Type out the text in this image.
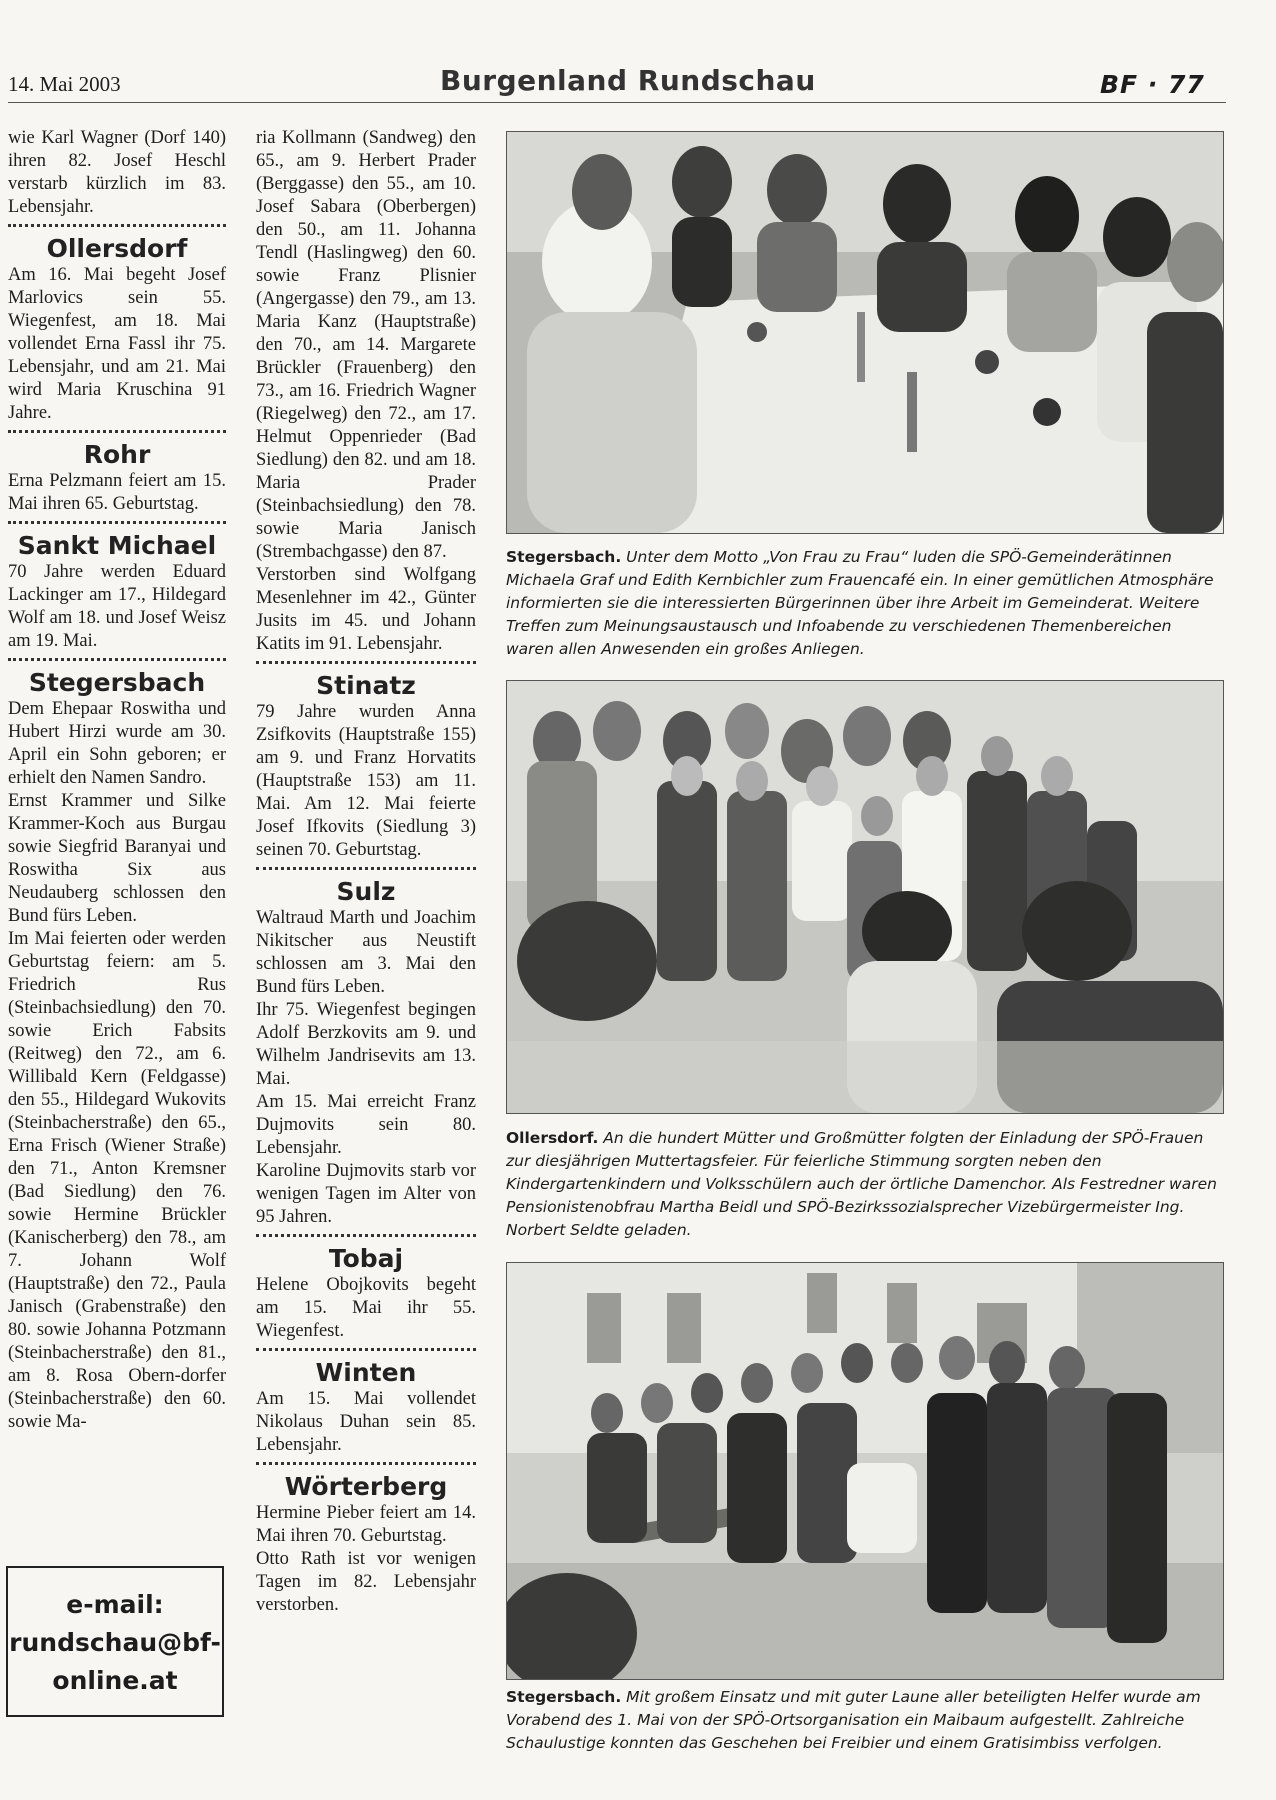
14. Mai 2003	Burgenland Rundschau	BF · 77

wie Karl Wagner (Dorf 140) ihren 82. Josef Heschl verstarb kürzlich im 83. Lebensjahr.

Ollersdorf

Am 16. Mai begeht Josef Marlovics sein 55. Wiegenfest, am 18. Mai vollendet Erna Fassl ihr 75. Lebensjahr, und am 21. Mai wird Maria Kruschina 91 Jahre.

Rohr

Erna Pelzmann feiert am 15. Mai ihren 65. Geburtstag.

Sankt Michael

70 Jahre werden Eduard Lackinger am 17., Hildegard Wolf am 18. und Josef Weisz am 19. Mai.

Stegersbach

Dem Ehepaar Roswitha und Hubert Hirzi wurde am 30. April ein Sohn geboren; er erhielt den Namen Sandro.

Ernst Krammer und Silke Krammer-Koch aus Burgau sowie Siegfrid Baranyai und Roswitha Six aus Neudauberg schlossen den Bund fürs Leben.

Im Mai feierten oder werden Geburtstag feiern: am 5. Friedrich Rus (Steinbachsiedlung) den 70. sowie Erich Fabsits (Reitweg) den 72., am 6. Willibald Kern (Feldgasse) den 55., Hildegard Wukovits (Steinbacherstraße) den 65., Erna Frisch (Wiener Straße) den 71., Anton Kremsner (Bad Siedlung) den 76. sowie Hermine Brückler (Kanischerberg) den 78., am 7. Johann Wolf (Hauptstraße) den 72., Paula Janisch (Grabenstraße) den 80. sowie Johanna Potzmann (Steinbacherstraße) den 81., am 8. Rosa Obern-dorfer (Steinbacherstraße) den 60. sowie Ma-

e-mail:
rundschau@bf-
online.at

ria Kollmann (Sandweg) den 65., am 9. Herbert Prader (Berggasse) den 55., am 10. Josef Sabara (Oberbergen) den 50., am 11. Johanna Tendl (Haslingweg) den 60. sowie Franz Plisnier (Angergasse) den 79., am 13. Maria Kanz (Hauptstraße) den 70., am 14. Margarete Brückler (Frauenberg) den 73., am 16. Friedrich Wagner (Riegelweg) den 72., am 17. Helmut Oppenrieder (Bad Siedlung) den 82. und am 18. Maria Prader (Steinbachsiedlung) den 78. sowie Maria Janisch (Strembachgasse) den 87.

Verstorben sind Wolfgang Mesenlehner im 42., Günter Jusits im 45. und Johann Katits im 91. Lebensjahr.

Stinatz

79 Jahre wurden Anna Zsifkovits (Hauptstraße 155) am 9. und Franz Horvatits (Hauptstraße 153) am 11. Mai. Am 12. Mai feierte Josef Ifkovits (Siedlung 3) seinen 70. Geburtstag.

Sulz

Waltraud Marth und Joachim Nikitscher aus Neustift schlossen am 3. Mai den Bund fürs Leben.

Ihr 75. Wiegenfest begingen Adolf Berzkovits am 9. und Wilhelm Jandrisevits am 13. Mai.

Am 15. Mai erreicht Franz Dujmovits sein 80. Lebensjahr.

Karoline Dujmovits starb vor wenigen Tagen im Alter von 95 Jahren.

Tobaj

Helene Obojkovits begeht am 15. Mai ihr 55. Wiegenfest.

Winten

Am 15. Mai vollendet Nikolaus Duhan sein 85. Lebensjahr.

Wörterberg

Hermine Pieber feiert am 14. Mai ihren 70. Geburtstag.

Otto Rath ist vor wenigen Tagen im 82. Lebensjahr verstorben.

Stegersbach. Unter dem Motto „Von Frau zu Frau“ luden die SPÖ-Gemeinderätinnen Michaela Graf und Edith Kernbichler zum Frauencafé ein. In einer gemütlichen Atmosphäre informierten sie die interessierten Bürgerinnen über ihre Arbeit im Gemeinderat. Weitere Treffen zum Meinungsaustausch und Infoabende zu verschiedenen Themenbereichen waren allen Anwesenden ein großes Anliegen.
Ollersdorf. An die hundert Mütter und Großmütter folgten der Einladung der SPÖ-Frauen zur diesjährigen Muttertagsfeier. Für feierliche Stimmung sorgten neben den Kindergartenkindern und Volksschülern auch der örtliche Damenchor. Als Festredner waren Pensionistenobfrau Martha Beidl und SPÖ-Bezirkssozialsprecher Vizebürgermeister Ing. Norbert Seldte geladen.
Stegersbach. Mit großem Einsatz und mit guter Laune aller beteiligten Helfer wurde am Vorabend des 1. Mai von der SPÖ-Ortsorganisation ein Maibaum aufgestellt. Zahlreiche Schaulustige konnten das Geschehen bei Freibier und einem Gratisimbiss verfolgen.
